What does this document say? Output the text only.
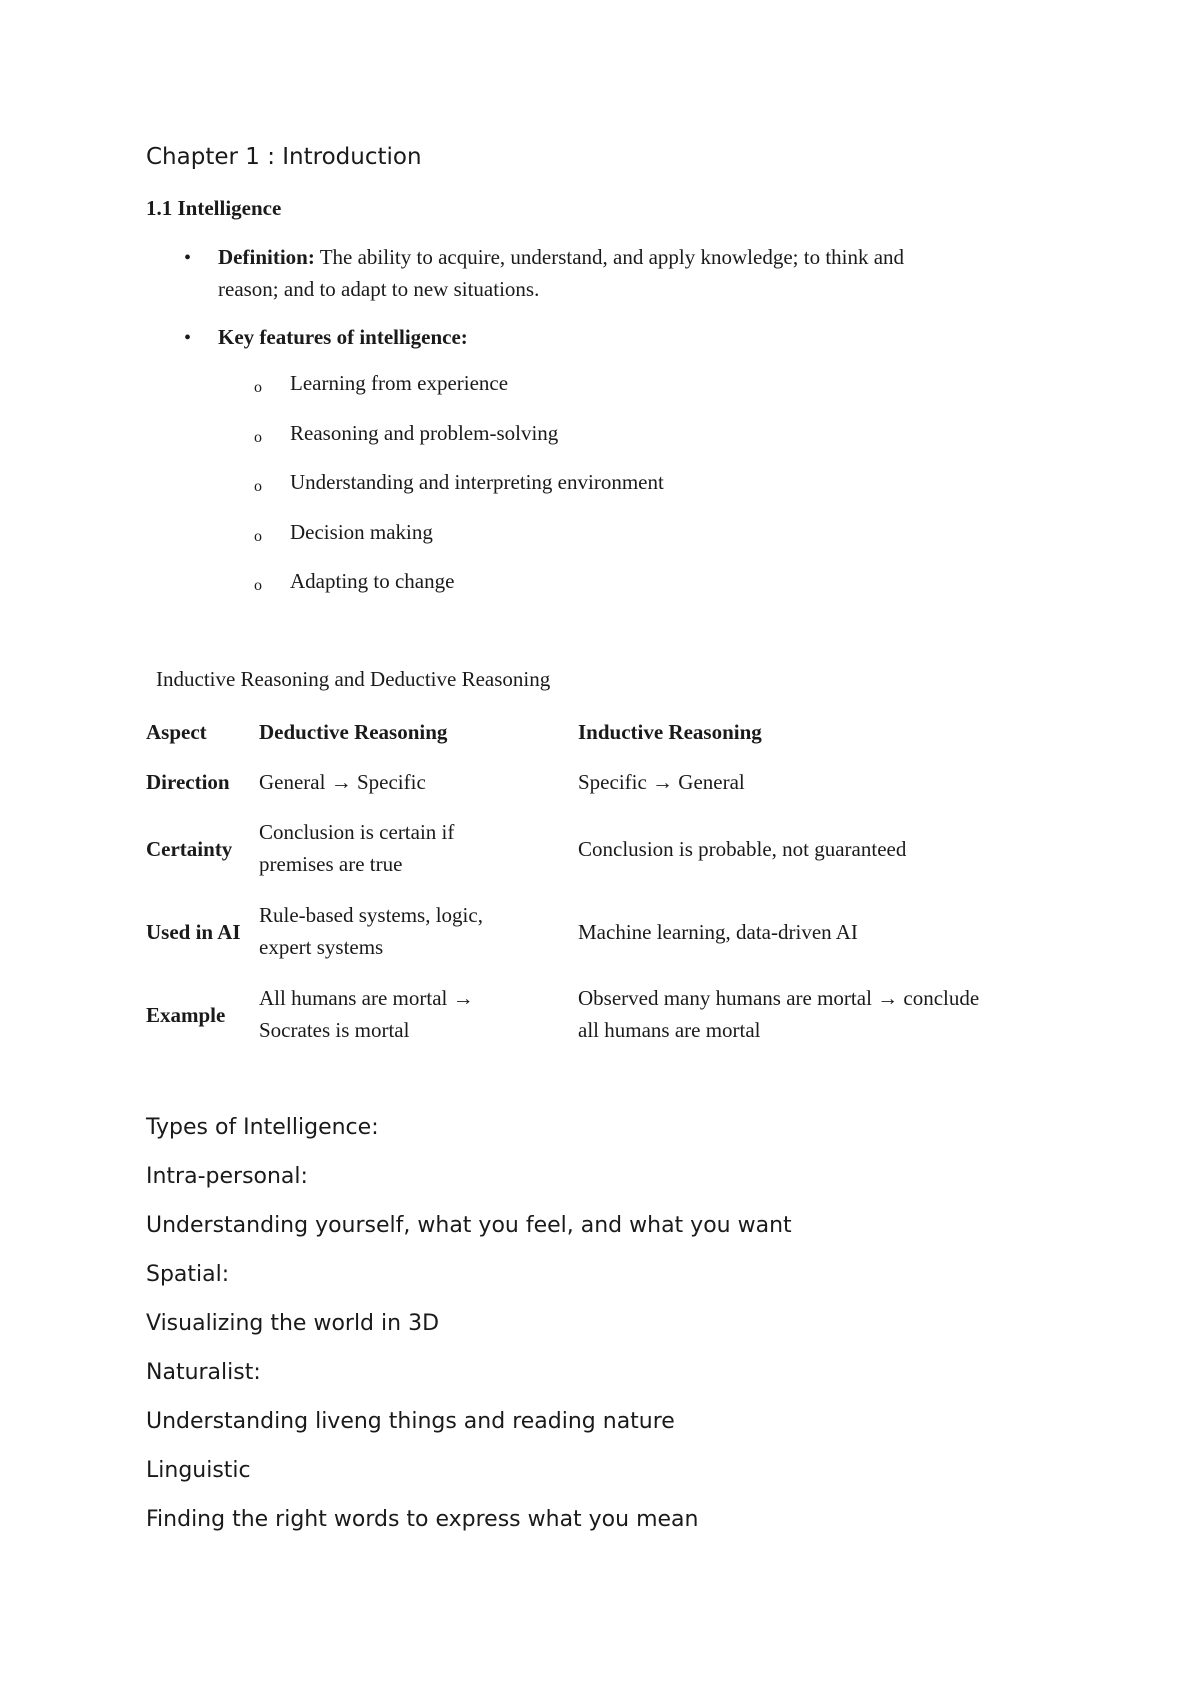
Chapter 1 : Introduction
1.1 Intelligence
• Definition: The ability to acquire, understand, and apply knowledge; to think and
reason; and to adapt to new situations.
• Key features of intelligence:
o Learning from experience
o Reasoning and problem-solving
o Understanding and interpreting environment
o Decision making
o Adapting to change
Inductive Reasoning and Deductive Reasoning
Aspect Deductive Reasoning	Inductive Reasoning
Direction General → Specific	Specific → General
Certainty
Conclusion is certain if
premises are true
Conclusion is probable, not guaranteed
Used in AI
Rule-based systems, logic,
expert systems
Machine learning, data-driven AI
Example
All humans are mortal →
Socrates is mortal
Observed many humans are mortal → conclude
all humans are mortal
Types of Intelligence:
Intra-personal:
Understanding yourself, what you feel, and what you want
Spatial:
Visualizing the world in 3D
Naturalist:
Understanding liveng things and reading nature
Linguistic
Finding the right words to express what you mean
